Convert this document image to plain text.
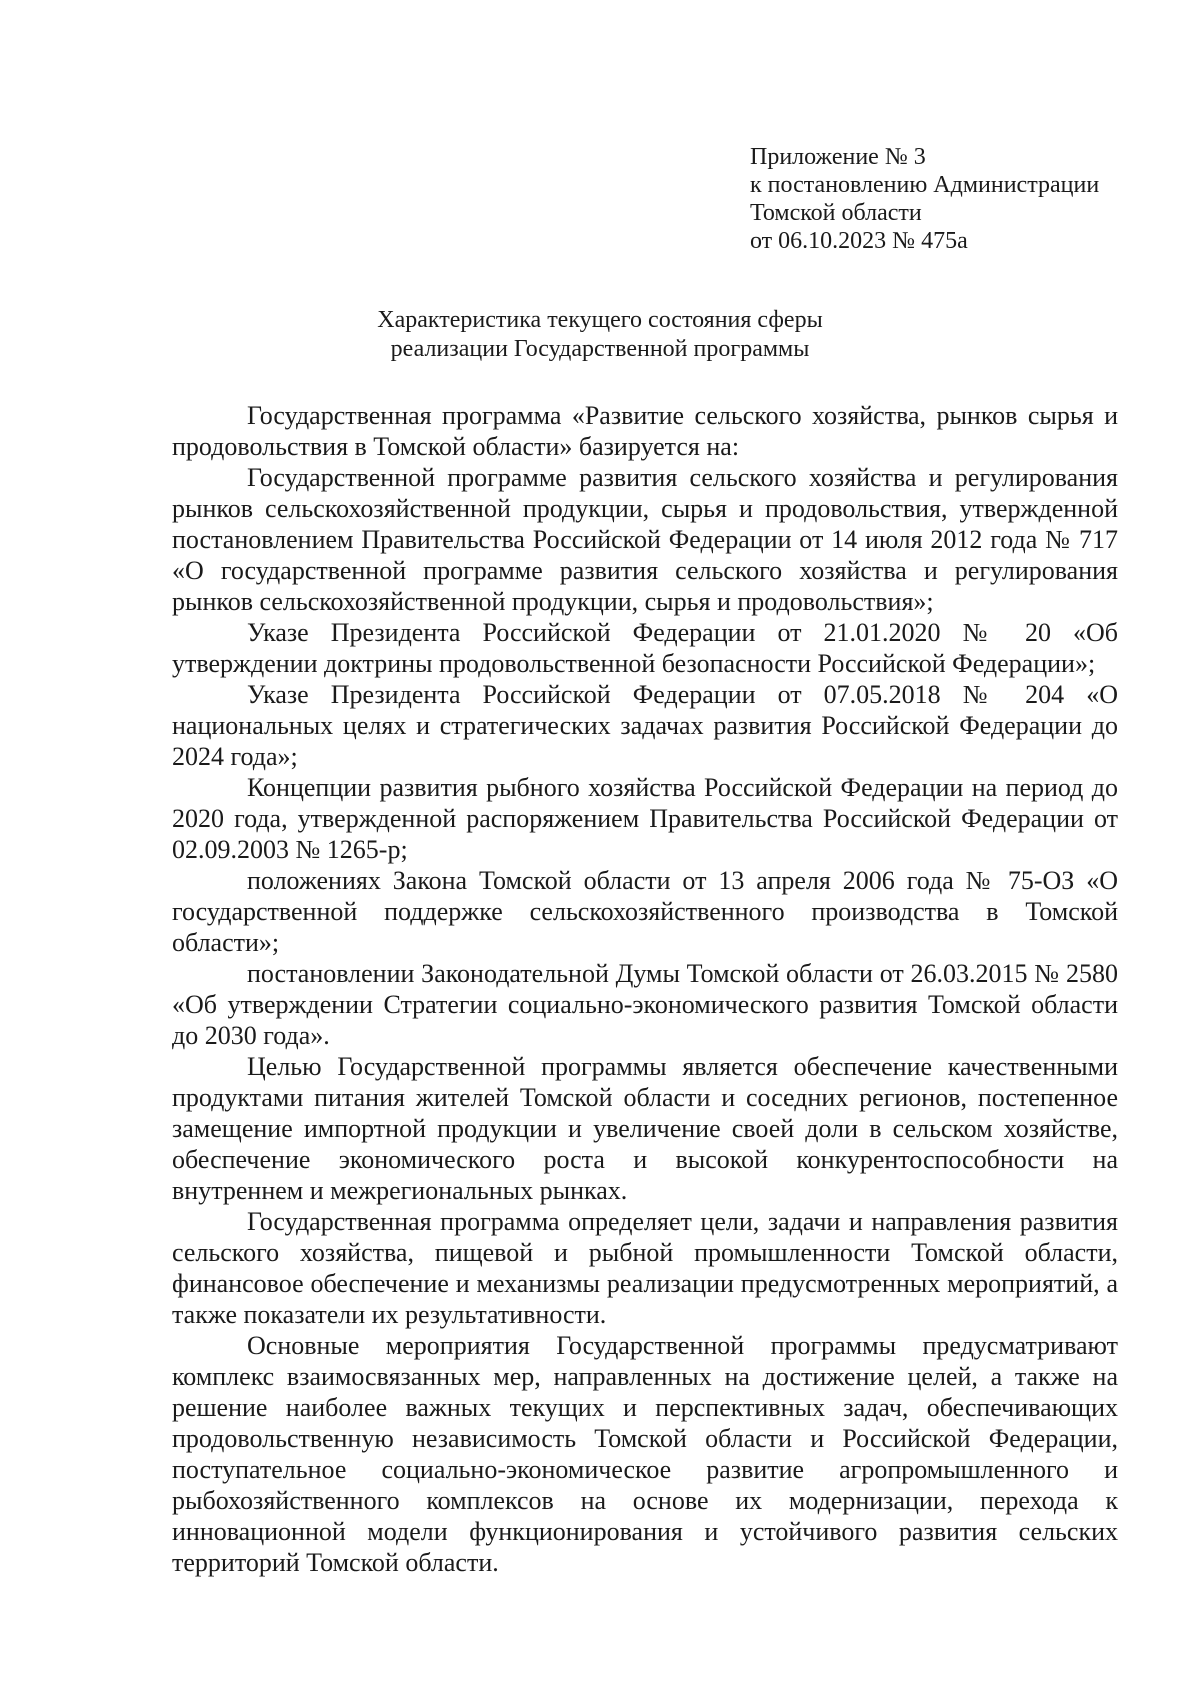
Приложение № 3
к постановлению Администрации
Томской области
от 06.10.2023 № 475а
Характеристика текущего состояния сферы
реализации Государственной программы

Государственная программа «Развитие сельского хозяйства, рынков сырья и продовольствия в Томской области» базируется на:

Государственной программе развития сельского хозяйства и регулирования рынков сельскохозяйственной продукции, сырья и продовольствия, утвержденной постановлением Правительства Российской Федерации от 14 июля 2012 года № 717 «О государственной программе развития сельского хозяйства и регулирования рынков сельскохозяйственной продукции, сырья и продовольствия»;

Указе Президента Российской Федерации от 21.01.2020 № 20 «Об утверждении доктрины продовольственной безопасности Российской Федерации»;

Указе Президента Российской Федерации от 07.05.2018 № 204 «О национальных целях и стратегических задачах развития Российской Федерации до 2024 года»;

Концепции развития рыбного хозяйства Российской Федерации на период до 2020 года, утвержденной распоряжением Правительства Российской Федерации от 02.09.2003 № 1265-р;

положениях Закона Томской области от 13 апреля 2006 года № 75-ОЗ «О государственной поддержке сельскохозяйственного производства в Томской области»;

постановлении Законодательной Думы Томской области от 26.03.2015 № 2580 «Об утверждении Стратегии социально-экономического развития Томской области до 2030 года».

Целью Государственной программы является обеспечение качественными продуктами питания жителей Томской области и соседних регионов, постепенное замещение импортной продукции и увеличение своей доли в сельском хозяйстве, обеспечение экономического роста и высокой конкурентоспособности на внутреннем и межрегиональных рынках.

Государственная программа определяет цели, задачи и направления развития сельского хозяйства, пищевой и рыбной промышленности Томской области, финансовое обеспечение и механизмы реализации предусмотренных мероприятий, а также показатели их результативности.

Основные мероприятия Государственной программы предусматривают комплекс взаимосвязанных мер, направленных на достижение целей, а также на решение наиболее важных текущих и перспективных задач, обеспечивающих продовольственную независимость Томской области и Российской Федерации, поступательное социально-экономическое развитие агропромышленного и рыбохозяйственного комплексов на основе их модернизации, перехода к инновационной модели функционирования и устойчивого развития сельских территорий Томской области.
